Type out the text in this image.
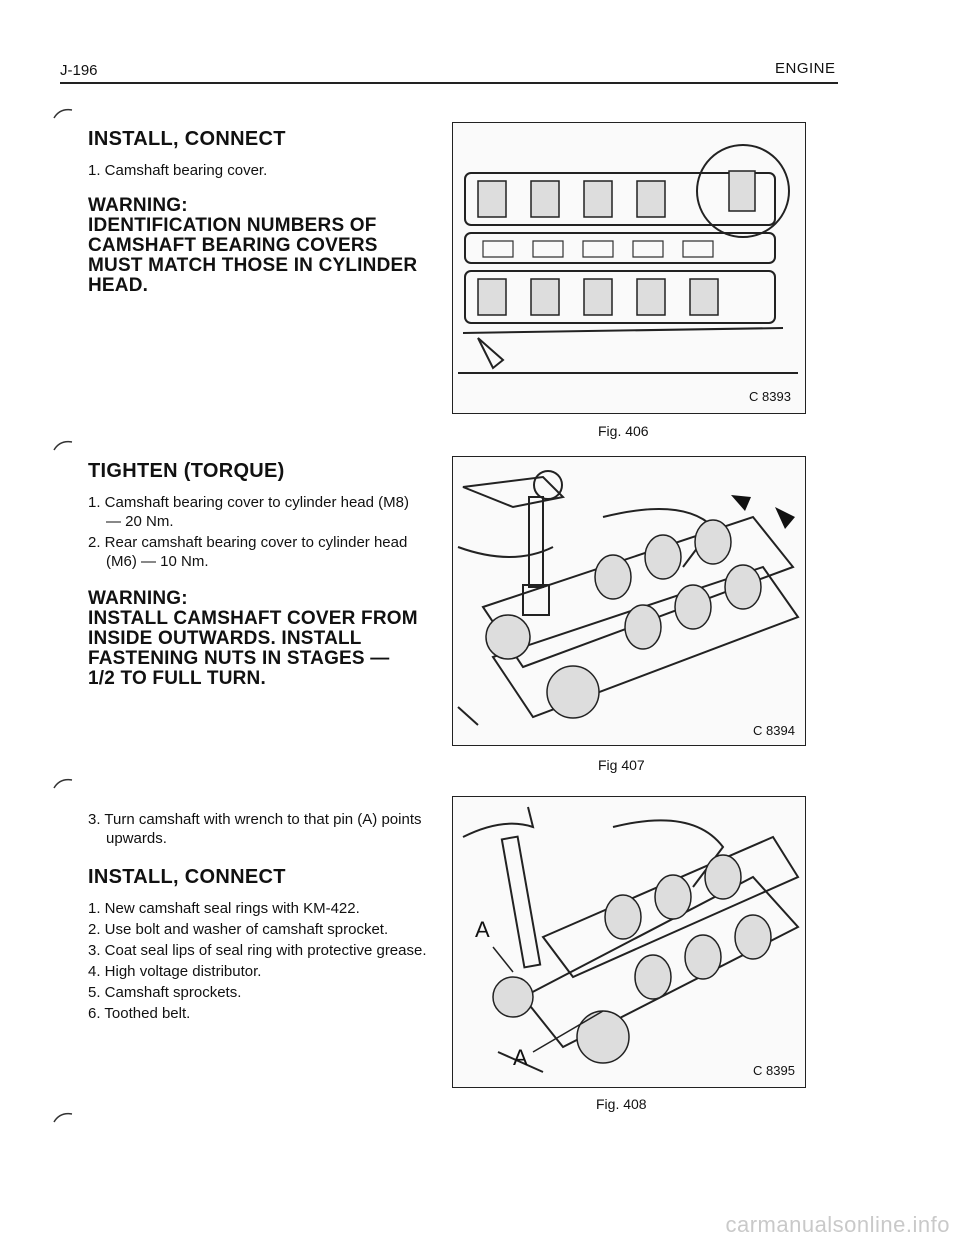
J-196	ENGINE
INSTALL, CONNECT
1. Camshaft bearing cover.
WARNING:
IDENTIFICATION NUMBERS OF
CAMSHAFT BEARING COVERS
MUST MATCH THOSE IN CYLINDER
HEAD.
TIGHTEN (TORQUE)
1. Camshaft bearing cover to cylinder head (M8) — 20 Nm.
2. Rear camshaft bearing cover to cylinder head (M6) — 10 Nm.
WARNING:
INSTALL CAMSHAFT COVER FROM
INSIDE OUTWARDS. INSTALL
FASTENING NUTS IN STAGES —
1/2 TO FULL TURN.
3. Turn camshaft with wrench to that pin (A) points upwards.
INSTALL, CONNECT
1. New camshaft seal rings with KM-422.
2. Use bolt and washer of camshaft sprocket.
3. Coat seal lips of seal ring with protective grease.
4. High voltage distributor.
5. Camshaft sprockets.
6. Toothed belt.
C 8393
Fig. 406
C 8394
Fig 407
A
A
C 8395
Fig. 408
carmanualsonline.info
